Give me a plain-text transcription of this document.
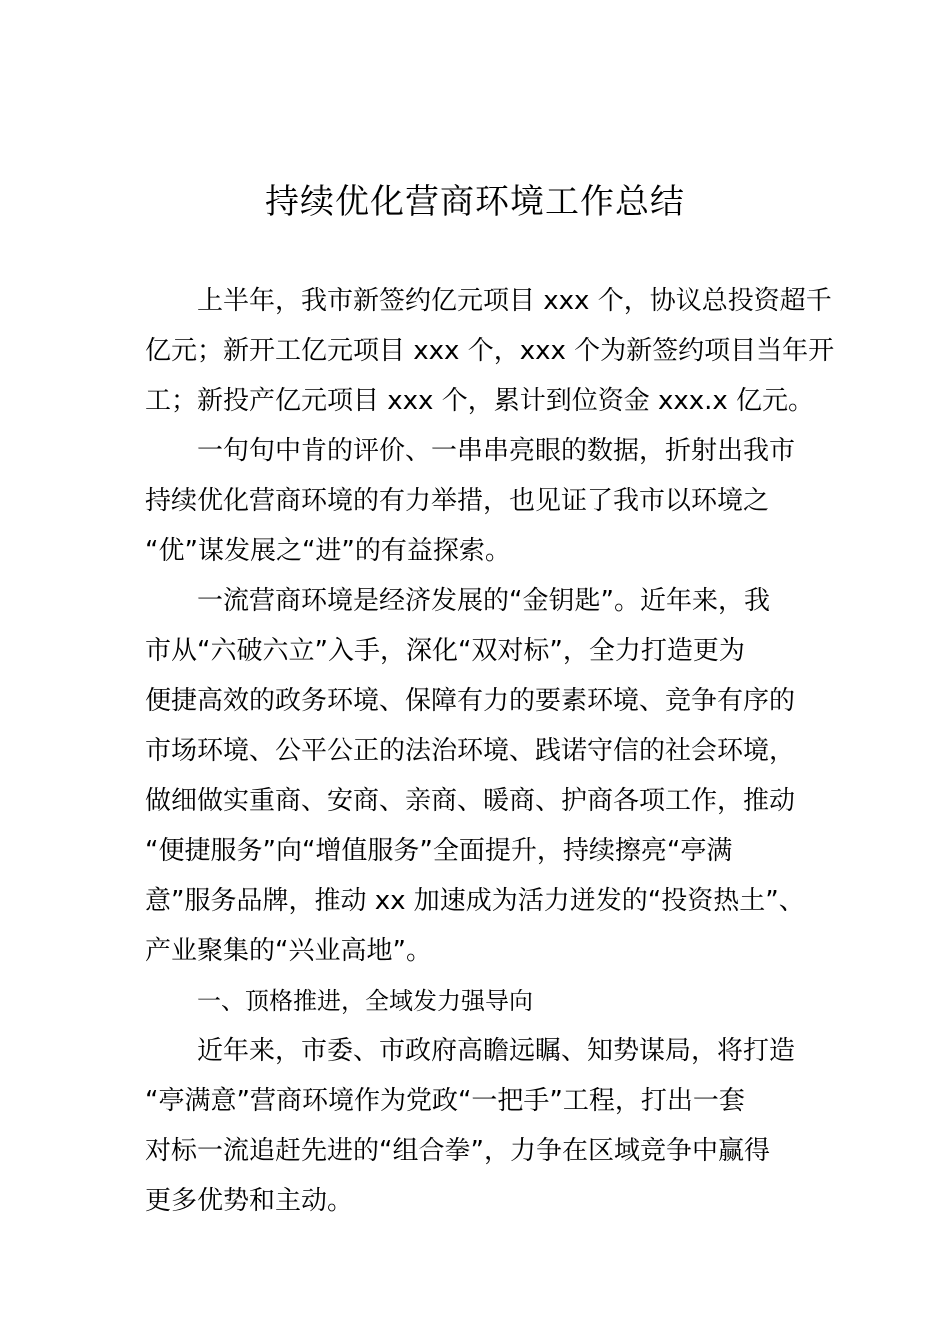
持续优化营商环境工作总结
上半年，我市新签约亿元项目 xxx 个，协议总投资超千
亿元；新开工亿元项目 xxx 个，xxx 个为新签约项目当年开
工；新投产亿元项目 xxx 个，累计到位资金 xxx.x 亿元。
一句句中肯的评价、一串串亮眼的数据，折射出我市
持续优化营商环境的有力举措，也见证了我市以环境之
“优”谋发展之“进”的有益探索。
一流营商环境是经济发展的“金钥匙”。近年来，我
市从“六破六立”入手，深化“双对标”，全力打造更为
便捷高效的政务环境、保障有力的要素环境、竞争有序的
市场环境、公平公正的法治环境、践诺守信的社会环境，
做细做实重商、安商、亲商、暖商、护商各项工作，推动
“便捷服务”向“增值服务”全面提升，持续擦亮“亭满
意”服务品牌，推动 xx 加速成为活力迸发的“投资热土”、
产业聚集的“兴业高地”。
一、顶格推进，全域发力强导向
近年来，市委、市政府高瞻远瞩、知势谋局，将打造
“亭满意”营商环境作为党政“一把手”工程，打出一套
对标一流追赶先进的“组合拳”，力争在区域竞争中赢得
更多优势和主动。
